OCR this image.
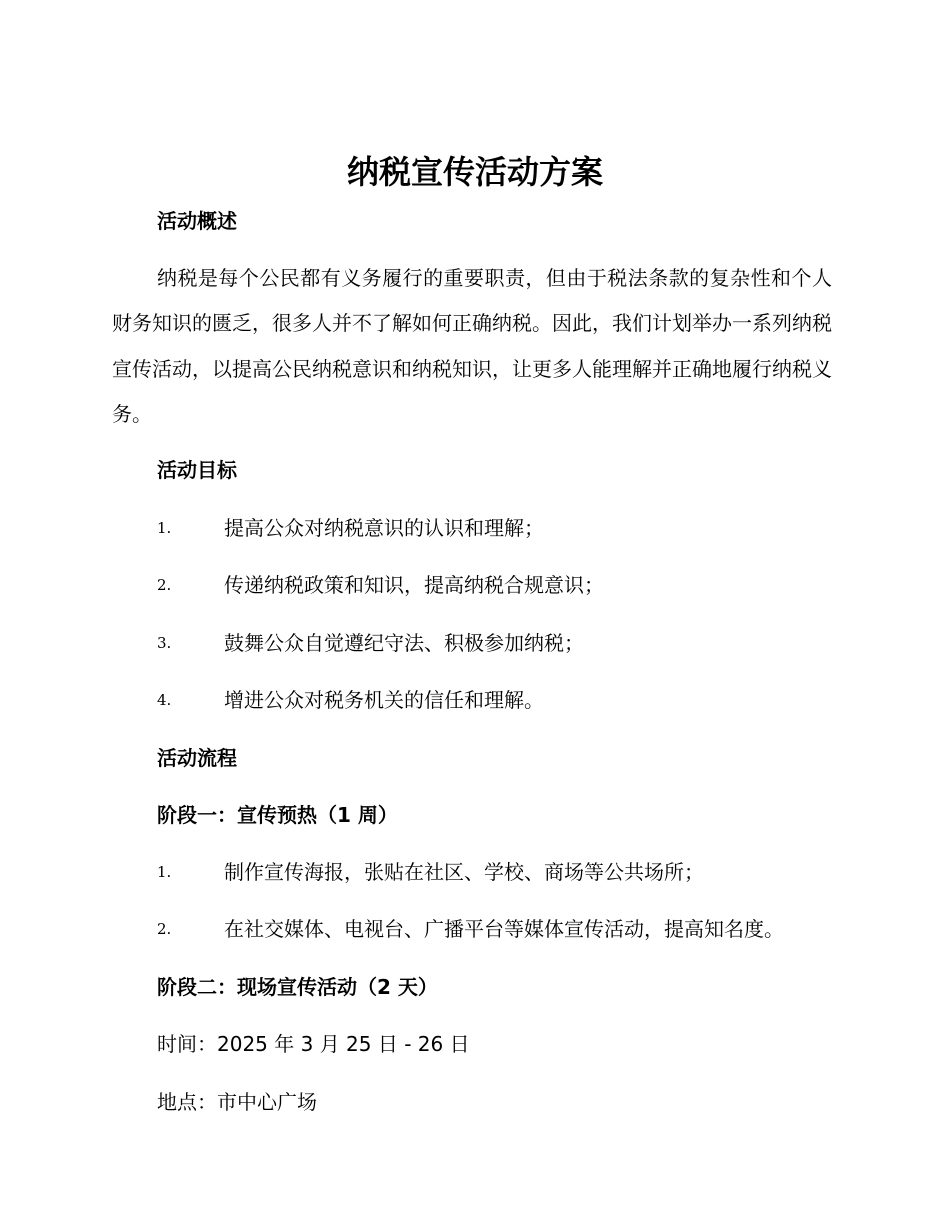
纳税宣传活动方案
活动概述
纳税是每个公民都有义务履行的重要职责，但由于税法条款的复杂性和个人财务知识的匮乏，很多人并不了解如何正确纳税。因此，我们计划举办一系列纳税宣传活动，以提高公民纳税意识和纳税知识，让更多人能理解并正确地履行纳税义务。
活动目标
1.	提高公众对纳税意识的认识和理解；
2.	传递纳税政策和知识，提高纳税合规意识；
3.	鼓舞公众自觉遵纪守法、积极参加纳税；
4.	增进公众对税务机关的信任和理解。
活动流程
阶段一：宣传预热（1 周）
1.	制作宣传海报，张贴在社区、学校、商场等公共场所；
2.	在社交媒体、电视台、广播平台等媒体宣传活动，提高知名度。
阶段二：现场宣传活动（2 天）
时间：2025 年 3 月 25 日 - 26 日
地点：市中心广场
